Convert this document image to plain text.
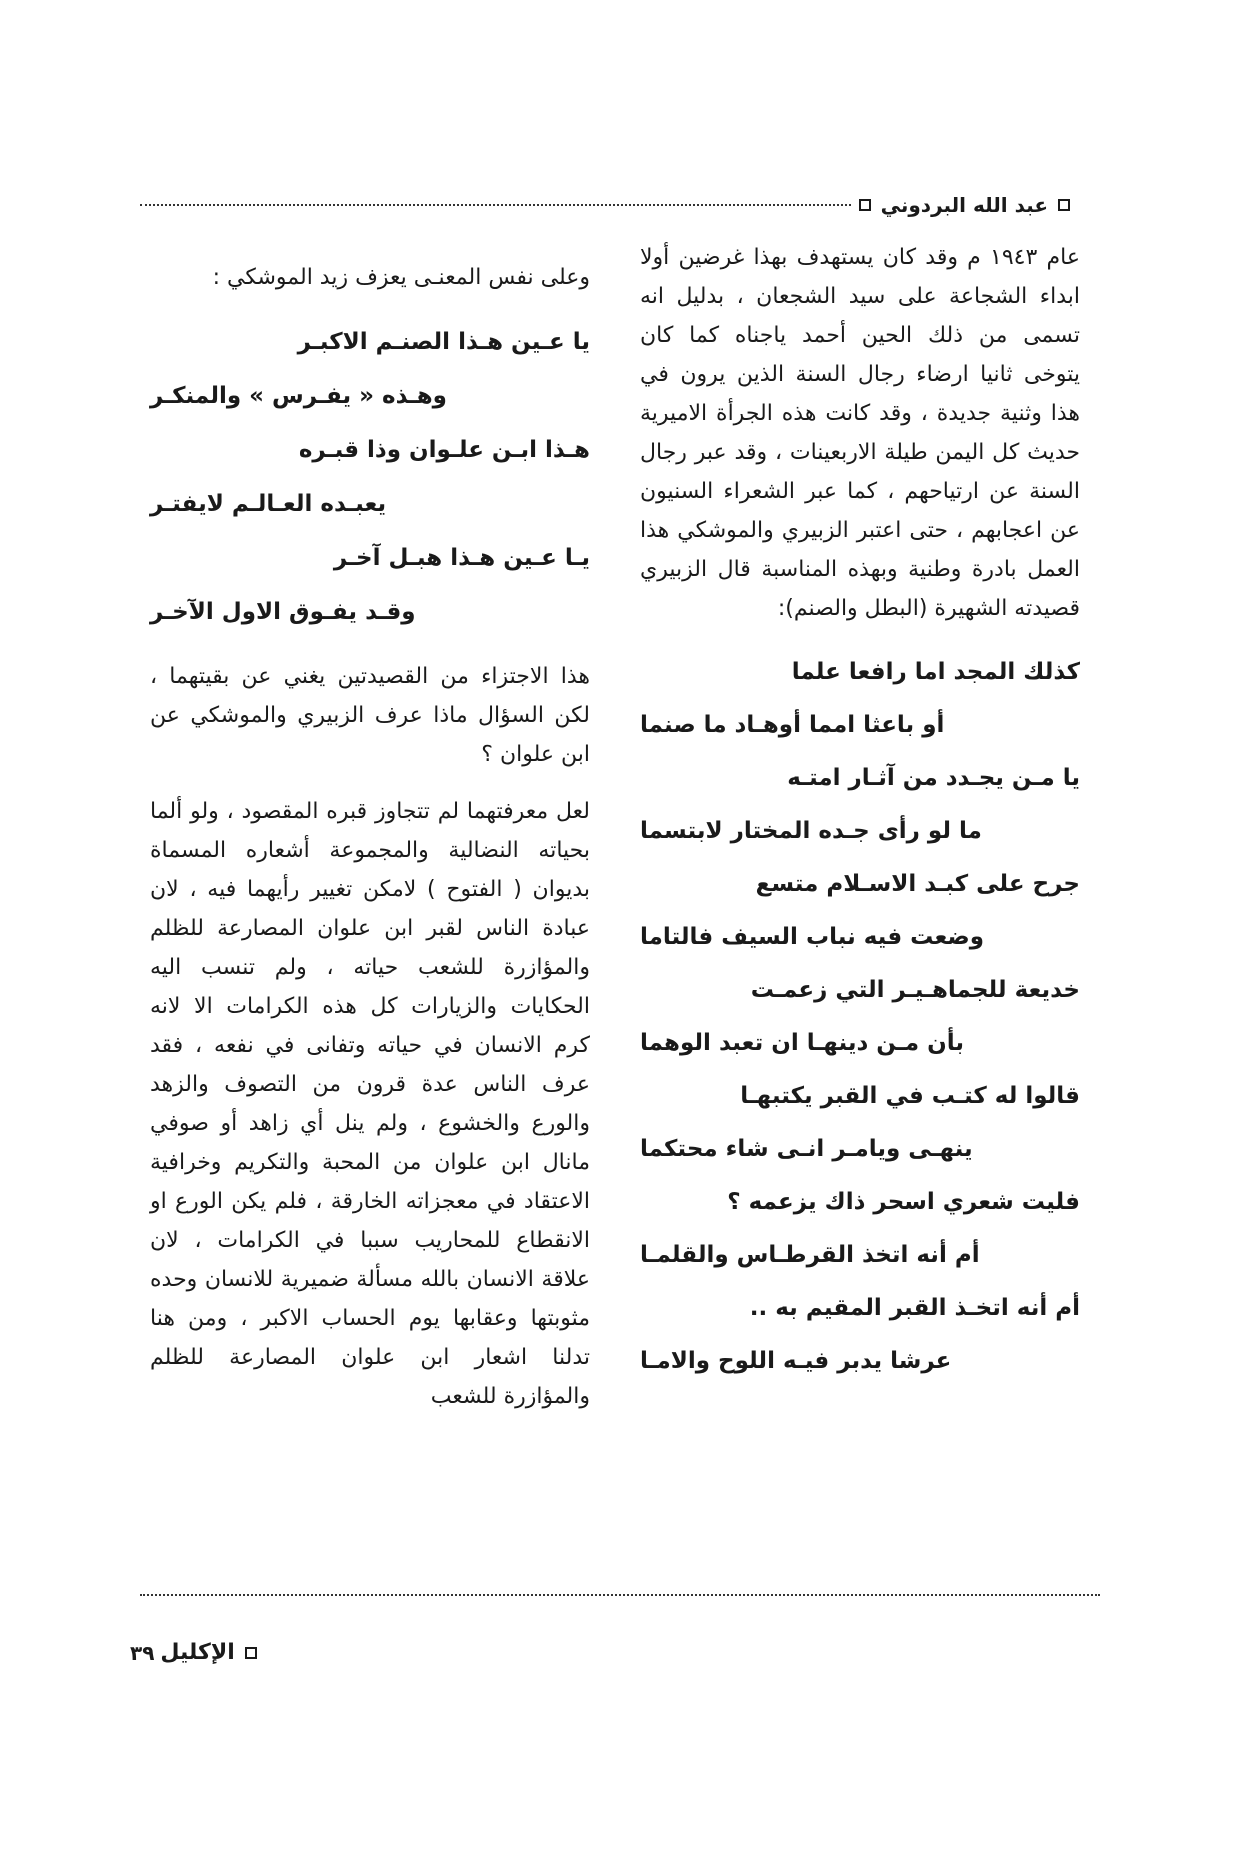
عبد الله البردوني

عام ١٩٤٣ م وقد كان يستهدف بهذا غرضين أولا ابداء الشجاعة على سيد الشجعان ، بدليل انه تسمى من ذلك الحين أحمد ياجناه كما كان يتوخى ثانيا ارضاء رجال السنة الذين يرون في هذا وثنية جديدة ، وقد كانت هذه الجرأة الاميرية حديث كل اليمن طيلة الاربعينات ، وقد عبر رجال السنة عن ارتياحهم ، كما عبر الشعراء السنيون عن اعجابهم ، حتى اعتبر الزبيري والموشكي هذا العمل بادرة وطنية وبهذه المناسبة قال الزبيري قصيدته الشهيرة (البطل والصنم):

كذلك المجد اما رافعا علما
أو باعثا امما أوهـاد ما صنما
يا مـن يجـدد من آثـار امتـه
ما لو رأى جـده المختار لابتسما
جرح على كبـد الاسـلام متسع
وضعت فيه نباب السيف فالتاما
خديعة للجماهـيـر التي زعمـت
بأن مـن دينهـا ان تعبد الوهما
قالوا له كتـب في القبر يكتبهـا
ينهـى ويامـر انـى شاء محتكما
فليت شعري اسحر ذاك يزعمه ؟
أم أنه اتخذ القرطـاس والقلمـا
أم أنه اتخـذ القبر المقيم به ..
عرشا يدبر فيـه اللوح والامـا

وعلى نفس المعنـى يعزف زيد الموشكي :

يا عـين هـذا الصنـم الاكبـر
وهـذه « يفـرس » والمنكـر
هـذا ابـن علـوان وذا قبـره
يعبـده العـالـم لايفتـر
يـا عـين هـذا هبـل آخـر
وقـد يفـوق الاول الآخـر

هذا الاجتزاء من القصيدتين يغني عن بقيتهما ، لكن السؤال ماذا عرف الزبيري والموشكي عن ابن علوان ؟

لعل معرفتهما لم تتجاوز قبره المقصود ، ولو ألما بحياته النضالية والمجموعة أشعاره المسماة بديوان ( الفتوح ) لامكن تغيير رأيهما فيه ، لان عبادة الناس لقبر ابن علوان المصارعة للظلم والمؤازرة للشعب حياته ، ولم تنسب اليه الحكايات والزيارات كل هذه الكرامات الا لانه كرم الانسان في حياته وتفانى في نفعه ، فقد عرف الناس عدة قرون من التصوف والزهد والورع والخشوع ، ولم ينل أي زاهد أو صوفي مانال ابن علوان من المحبة والتكريم وخرافية الاعتقاد في معجزاته الخارقة ، فلم يكن الورع او الانقطاع للمحاريب سببا في الكرامات ، لان علاقة الانسان بالله مسألة ضميرية للانسان وحده مثوبتها وعقابها يوم الحساب الاكبر ، ومن هنا تدلنا اشعار ابن علوان المصارعة للظلم والمؤازرة للشعب

الإكليل
٣٩
